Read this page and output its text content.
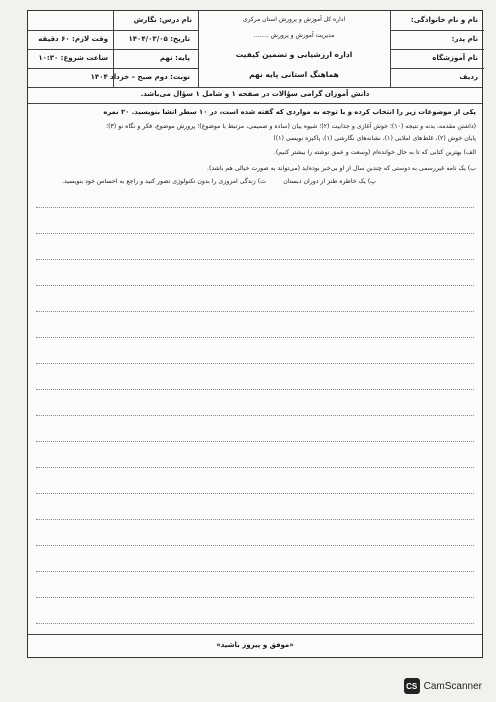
نام و نام خانوادگی:
نام پدر:
نام آموزشگاه
ردیف
اداره کل آموزش و پرورش استان مرکزی
مدیریت آموزش و پرورش ........
اداره ارزشیابی و تضمین کیفیت
هماهنگ استانی پایه نهم
نام درس: نگارش
تاریخ: ۱۴۰۴/۰۳/۰۵
وقت لازم: ۶۰ دقیقه
پایه: نهم
ساعت شروع: ۱۰:۳۰
نوبت: دوم صبح – خرداد ۱۴۰۴
دانش آموزان گرامی سؤالات در صفحه ۱ و شامل ۱ سؤال می‌باشد.
یکی از موضوعات زیر را انتخاب کرده و با توجه به مواردی که گفته شده است، در ۱۰ سطر انشا بنویسید. ۲۰ نمره
(داشتن مقدمه، بدنه و نتیجه (۱۰)؛ خوش آغازی و جذابیت (۲)؛ شیوه بیان (ساده و صمیمی، مرتبط با موضوع)؛ پرورش موضوع، فکر و نگاه نو (۳)؛
پایان خوش (۲)، غلط‌های املایی (۱)، نشانه‌های نگارشی (۱)، پاکیزه نویسی (۱))
الف) بهترین کتابی که تا به حال خوانده‌ام (وسعت و عمق نوشته را بیشتر کنیم).
ب) یک نامه غیررسمی به دوستی که چندین سال از او بی‌خبر بوده‌اید (می‌تواند به صورت خیالی هم باشد).
پ) یک خاطره طنز از دوران دبستان
ت) زندگی امروزی را بدون تکنولوژی تصور کنید و راجع به احساس خود بنویسید.
«موفق و پیروز باشید»
CS CamScanner
